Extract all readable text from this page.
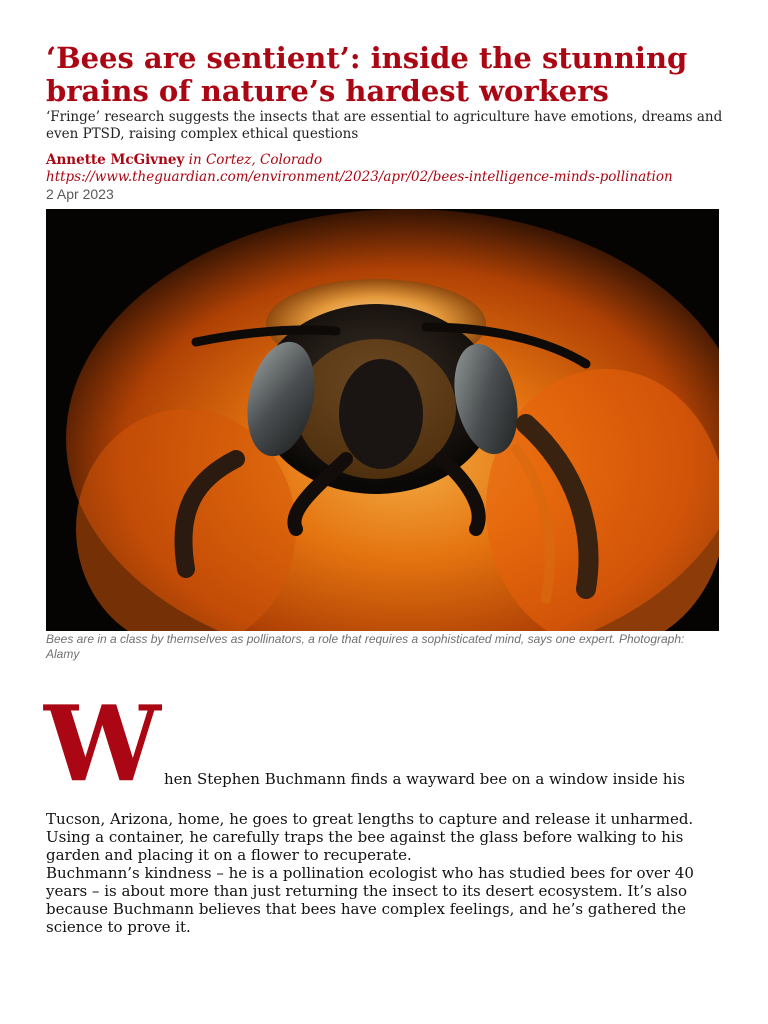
‘Bees are sentient’: inside the stunning brains of nature’s hardest workers

‘Fringe’ research suggests the insects that are essential to agriculture have emotions, dreams and even PTSD, raising complex ethical questions

Annette McGivney in Cortez, Colorado
https://www.theguardian.com/environment/2023/apr/02/bees-intelligence-minds-pollination
2 Apr 2023

Bees are in a class by themselves as pollinators, a role that requires a sophisticated mind, says one expert. Photograph: Alamy

W hen Stephen Buchmann finds a wayward bee on a window inside his

Tucson, Arizona, home, he goes to great lengths to capture and release it unharmed. Using a container, he carefully traps the bee against the glass before walking to his garden and placing it on a flower to recuperate.

Buchmann’s kindness – he is a pollination ecologist who has studied bees for over 40 years – is about more than just returning the insect to its desert ecosystem. It’s also because Buchmann believes that bees have complex feelings, and he’s gathered the science to prove it.
